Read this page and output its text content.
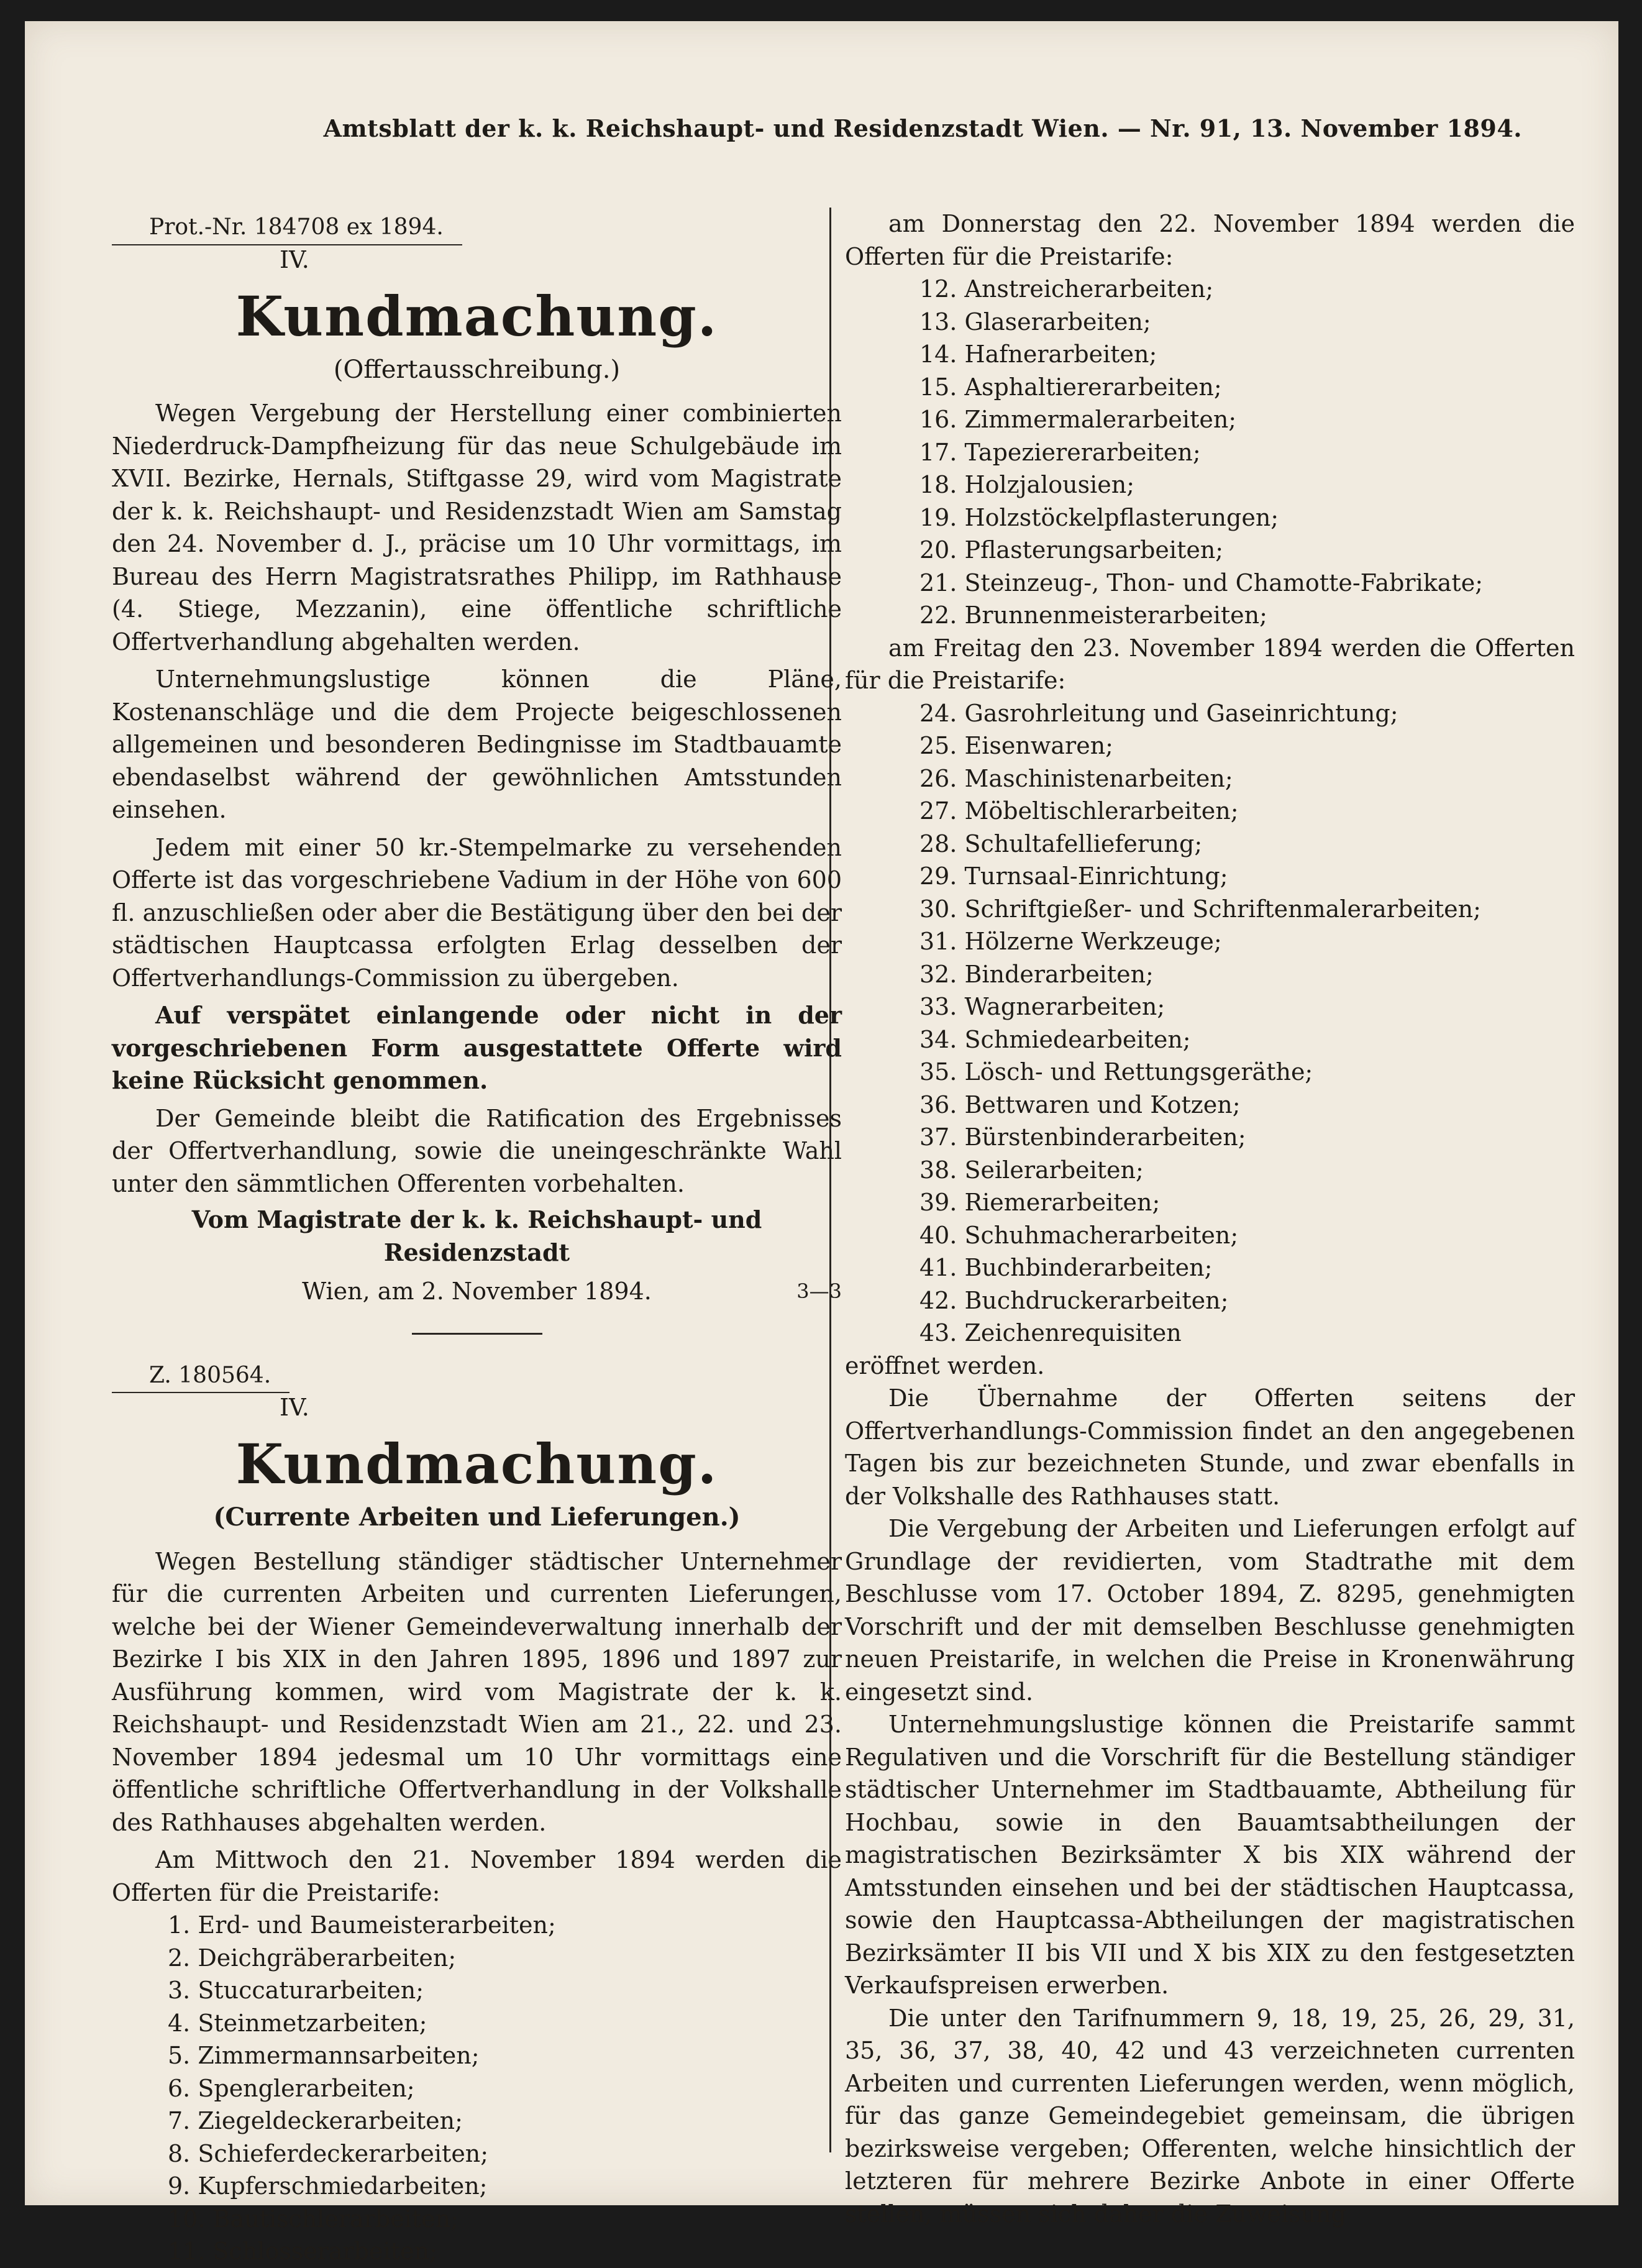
Amtsblatt der k. k. Reichshaupt- und Residenzstadt Wien. — Nr. 91, 13. November 1894.
Prot.-Nr. 184708 ex 1894.
IV.
Kundmachung.
(Offertausschreibung.)

Wegen Vergebung der Herstellung einer combinierten Niederdruck-Dampfheizung für das neue Schulgebäude im XVII. Bezirke, Hernals, Stiftgasse 29, wird vom Magistrate der k. k. Reichshaupt- und Residenzstadt Wien am Samstag den 24. November d. J., präcise um 10 Uhr vormittags, im Bureau des Herrn Magistratsrathes Philipp, im Rathhause (4. Stiege, Mezzanin), eine öffentliche schriftliche Offertverhandlung abgehalten werden.

Unternehmungslustige können die Pläne, Kostenanschläge und die dem Projecte beigeschlossenen allgemeinen und besonderen Bedingnisse im Stadtbauamte ebendaselbst während der gewöhnlichen Amtsstunden einsehen.

Jedem mit einer 50 kr.-Stempelmarke zu versehenden Offerte ist das vorgeschriebene Vadium in der Höhe von 600 fl. anzuschließen oder aber die Bestätigung über den bei der städtischen Hauptcassa erfolgten Erlag desselben der Offertverhandlungs-Commission zu übergeben.

Auf verspätet einlangende oder nicht in der vorgeschriebenen Form ausgestattete Offerte wird keine Rücksicht genommen.

Der Gemeinde bleibt die Ratification des Ergebnisses der Offertverhandlung, sowie die uneingeschränkte Wahl unter den sämmtlichen Offerenten vorbehalten.

Vom Magistrate der k. k. Reichshaupt- und Residenzstadt
Wien, am 2. November 1894.	3—3
Z. 180564.
IV.
Kundmachung.
(Currente Arbeiten und Lieferungen.)

Wegen Bestellung ständiger städtischer Unternehmer für die currenten Arbeiten und currenten Lieferungen, welche bei der Wiener Gemeindeverwaltung innerhalb der Bezirke I bis XIX in den Jahren 1895, 1896 und 1897 zur Ausführung kommen, wird vom Magistrate der k. k. Reichshaupt- und Residenzstadt Wien am 21., 22. und 23. November 1894 jedesmal um 10 Uhr vormittags eine öffentliche schriftliche Offertverhandlung in der Volkshalle des Rathhauses abgehalten werden.

Am Mittwoch den 21. November 1894 werden die Offerten für die Preistarife:

1. Erd- und Baumeisterarbeiten;
2. Deichgräberarbeiten;
3. Stuccaturarbeiten;
4. Steinmetzarbeiten;
5. Zimmermannsarbeiten;
6. Spenglerarbeiten;
7. Ziegeldeckerarbeiten;
8. Schieferdeckerarbeiten;
9. Kupferschmiedarbeiten;
10. Bautischlerarbeiten;
11. Schlosserarbeiten;

am Donnerstag den 22. November 1894 werden die Offerten für die Preistarife:

12. Anstreicherarbeiten;
13. Glaserarbeiten;
14. Hafnerarbeiten;
15. Asphaltiererarbeiten;
16. Zimmermalerarbeiten;
17. Tapeziererarbeiten;
18. Holzjalousien;
19. Holzstöckelpflasterungen;
20. Pflasterungsarbeiten;
21. Steinzeug-, Thon- und Chamotte-Fabrikate;
22. Brunnenmeisterarbeiten;

am Freitag den 23. November 1894 werden die Offerten für die Preistarife:

24. Gasrohrleitung und Gaseinrichtung;
25. Eisenwaren;
26. Maschinistenarbeiten;
27. Möbeltischlerarbeiten;
28. Schultafellieferung;
29. Turnsaal-Einrichtung;
30. Schriftgießer- und Schriftenmalerarbeiten;
31. Hölzerne Werkzeuge;
32. Binderarbeiten;
33. Wagnerarbeiten;
34. Schmiedearbeiten;
35. Lösch- und Rettungsgeräthe;
36. Bettwaren und Kotzen;
37. Bürstenbinderarbeiten;
38. Seilerarbeiten;
39. Riemerarbeiten;
40. Schuhmacherarbeiten;
41. Buchbinderarbeiten;
42. Buchdruckerarbeiten;
43. Zeichenrequisiten

eröffnet werden.

Die Übernahme der Offerten seitens der Offertverhandlungs-Commission findet an den angegebenen Tagen bis zur bezeichneten Stunde, und zwar ebenfalls in der Volkshalle des Rathhauses statt.

Die Vergebung der Arbeiten und Lieferungen erfolgt auf Grundlage der revidierten, vom Stadtrathe mit dem Beschlusse vom 17. October 1894, Z. 8295, genehmigten Vorschrift und der mit demselben Beschlusse genehmigten neuen Preistarife, in welchen die Preise in Kronenwährung eingesetzt sind.

Unternehmungslustige können die Preistarife sammt Regulativen und die Vorschrift für die Bestellung ständiger städtischer Unternehmer im Stadtbauamte, Abtheilung für Hochbau, sowie in den Bauamtsabtheilungen der magistratischen Bezirksämter X bis XIX während der Amtsstunden einsehen und bei der städtischen Hauptcassa, sowie den Hauptcassa-Abtheilungen der magistratischen Bezirksämter II bis VII und X bis XIX zu den festgesetzten Verkaufspreisen erwerben.

Die unter den Tarifnummern 9, 18, 19, 25, 26, 29, 31, 35, 36, 37, 38, 40, 42 und 43 verzeichneten currenten Arbeiten und currenten Lieferungen werden, wenn möglich, für das ganze Gemeindegebiet gemeinsam, die übrigen bezirksweise vergeben; Offerenten, welche hinsichtlich der letzteren für mehrere Bezirke Anbote in einer Offerte stellen, müssen sich daher die Zuweisung
